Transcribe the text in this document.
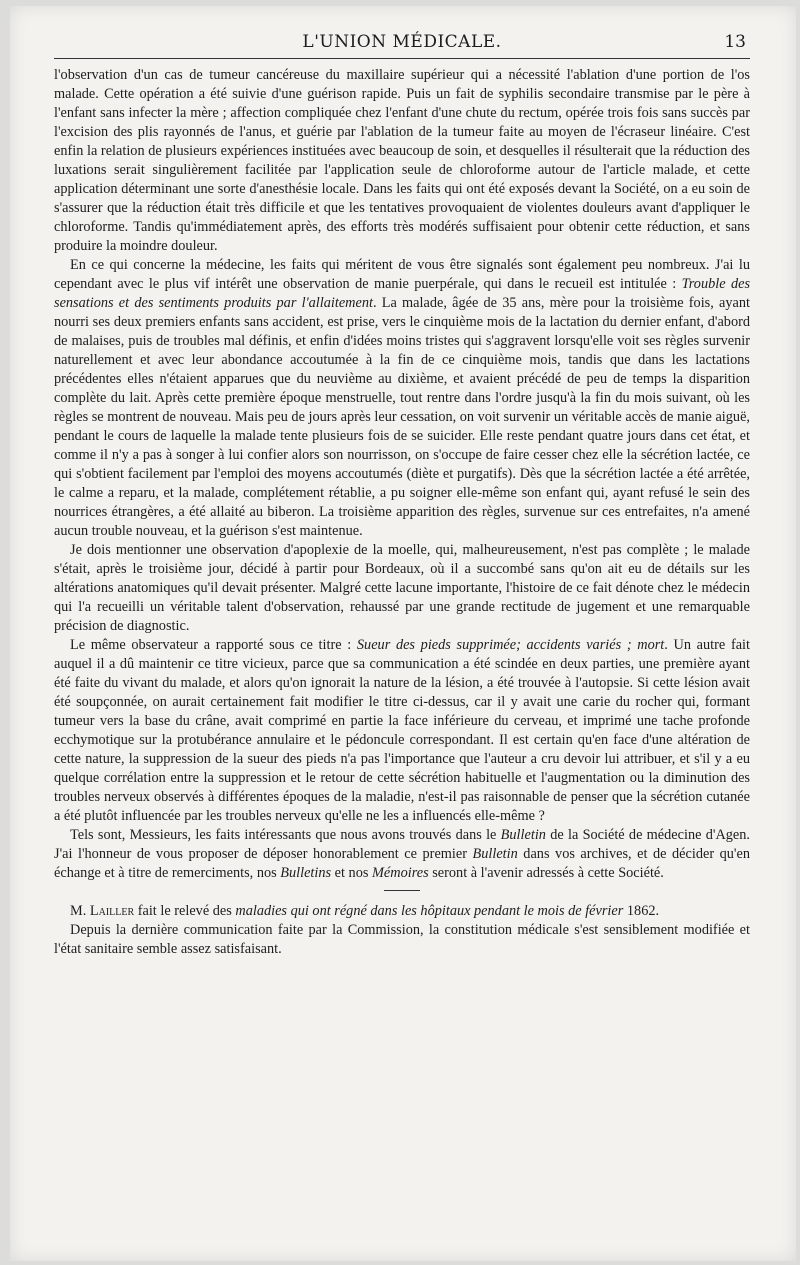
L'UNION MÉDICALE.	13

l'observation d'un cas de tumeur cancéreuse du maxillaire supérieur qui a nécessité l'ablation d'une portion de l'os malade. Cette opération a été suivie d'une guérison rapide. Puis un fait de syphilis secondaire transmise par le père à l'enfant sans infecter la mère ; affection compliquée chez l'enfant d'une chute du rectum, opérée trois fois sans succès par l'excision des plis rayonnés de l'anus, et guérie par l'ablation de la tumeur faite au moyen de l'écraseur linéaire. C'est enfin la relation de plusieurs expériences instituées avec beaucoup de soin, et desquelles il résulterait que la réduction des luxations serait singulièrement facilitée par l'application seule de chloroforme autour de l'article malade, et cette application déterminant une sorte d'anesthésie locale. Dans les faits qui ont été exposés devant la Société, on a eu soin de s'assurer que la réduction était très difficile et que les tentatives provoquaient de violentes douleurs avant d'appliquer le chloroforme. Tandis qu'immédiatement après, des efforts très modérés suffisaient pour obtenir cette réduction, et sans produire la moindre douleur.

En ce qui concerne la médecine, les faits qui méritent de vous être signalés sont également peu nombreux. J'ai lu cependant avec le plus vif intérêt une observation de manie puerpérale, qui dans le recueil est intitulée : Trouble des sensations et des sentiments produits par l'allaitement. La malade, âgée de 35 ans, mère pour la troisième fois, ayant nourri ses deux premiers enfants sans accident, est prise, vers le cinquième mois de la lactation du dernier enfant, d'abord de malaises, puis de troubles mal définis, et enfin d'idées moins tristes qui s'aggravent lorsqu'elle voit ses règles survenir naturellement et avec leur abondance accoutumée à la fin de ce cinquième mois, tandis que dans les lactations précédentes elles n'étaient apparues que du neuvième au dixième, et avaient précédé de peu de temps la disparition complète du lait. Après cette première époque menstruelle, tout rentre dans l'ordre jusqu'à la fin du mois suivant, où les règles se montrent de nouveau. Mais peu de jours après leur cessation, on voit survenir un véritable accès de manie aiguë, pendant le cours de laquelle la malade tente plusieurs fois de se suicider. Elle reste pendant quatre jours dans cet état, et comme il n'y a pas à songer à lui confier alors son nourrisson, on s'occupe de faire cesser chez elle la sécrétion lactée, ce qui s'obtient facilement par l'emploi des moyens accoutumés (diète et purgatifs). Dès que la sécrétion lactée a été arrêtée, le calme a reparu, et la malade, complétement rétablie, a pu soigner elle-même son enfant qui, ayant refusé le sein des nourrices étrangères, a été allaité au biberon. La troisième apparition des règles, survenue sur ces entrefaites, n'a amené aucun trouble nouveau, et la guérison s'est maintenue.

Je dois mentionner une observation d'apoplexie de la moelle, qui, malheureusement, n'est pas complète ; le malade s'était, après le troisième jour, décidé à partir pour Bordeaux, où il a succombé sans qu'on ait eu de détails sur les altérations anatomiques qu'il devait présenter. Malgré cette lacune importante, l'histoire de ce fait dénote chez le médecin qui l'a recueilli un véritable talent d'observation, rehaussé par une grande rectitude de jugement et une remarquable précision de diagnostic.

Le même observateur a rapporté sous ce titre : Sueur des pieds supprimée; accidents variés ; mort. Un autre fait auquel il a dû maintenir ce titre vicieux, parce que sa communication a été scindée en deux parties, une première ayant été faite du vivant du malade, et alors qu'on ignorait la nature de la lésion, a été trouvée à l'autopsie. Si cette lésion avait été soupçonnée, on aurait certainement fait modifier le titre ci-dessus, car il y avait une carie du rocher qui, formant tumeur vers la base du crâne, avait comprimé en partie la face inférieure du cerveau, et imprimé une tache profonde ecchymotique sur la protubérance annulaire et le pédoncule correspondant. Il est certain qu'en face d'une altération de cette nature, la suppression de la sueur des pieds n'a pas l'importance que l'auteur a cru devoir lui attribuer, et s'il y a eu quelque corrélation entre la suppression et le retour de cette sécrétion habituelle et l'augmentation ou la diminution des troubles nerveux observés à différentes époques de la maladie, n'est-il pas raisonnable de penser que la sécrétion cutanée a été plutôt influencée par les troubles nerveux qu'elle ne les a influencés elle-même ?

Tels sont, Messieurs, les faits intéressants que nous avons trouvés dans le Bulletin de la Société de médecine d'Agen. J'ai l'honneur de vous proposer de déposer honorablement ce premier Bulletin dans vos archives, et de décider qu'en échange et à titre de remerciments, nos Bulletins et nos Mémoires seront à l'avenir adressés à cette Société.

M. Lailler fait le relevé des maladies qui ont régné dans les hôpitaux pendant le mois de février 1862.

Depuis la dernière communication faite par la Commission, la constitution médicale s'est sensiblement modifiée et l'état sanitaire semble assez satisfaisant.
